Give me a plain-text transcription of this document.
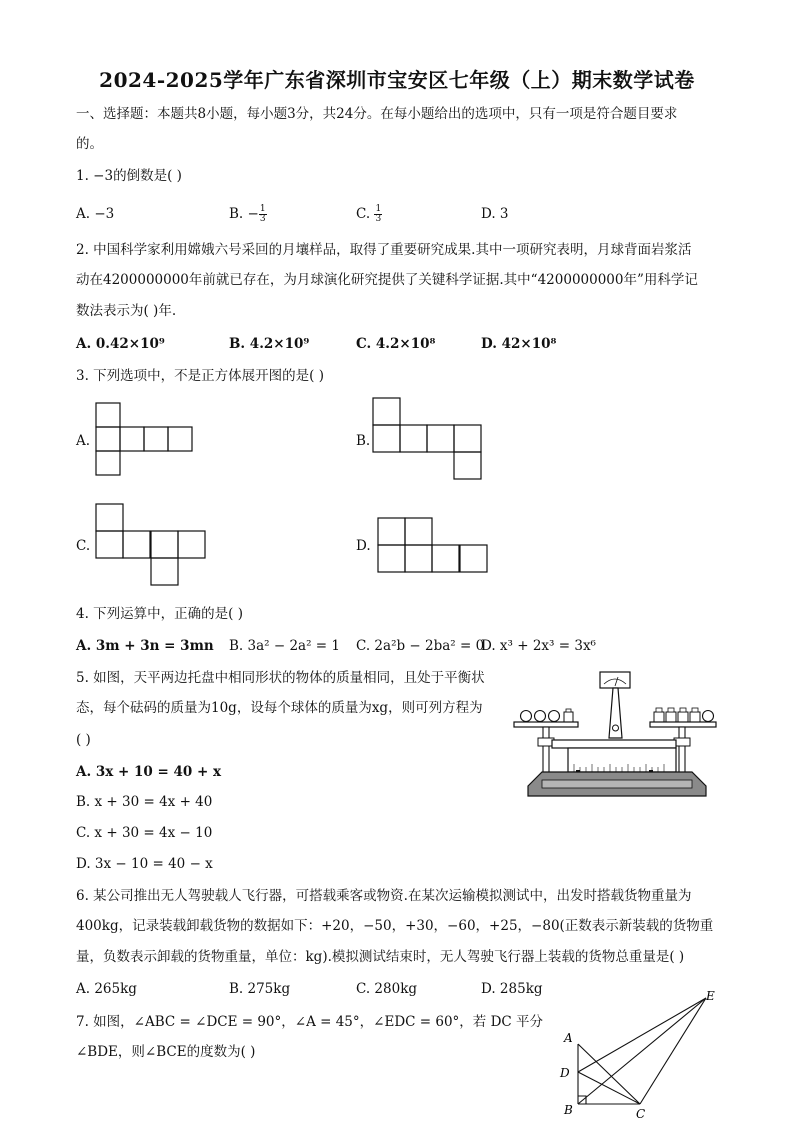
2024-2025学年广东省深圳市宝安区七年级（上）期末数学试卷
一、选择题：本题共8小题，每小题3分，共24分。在每小题给出的选项中，只有一项是符合题目要求
的。
1. −3的倒数是( )
A. −3	B. − $\frac{1}{3}$	C. $\frac{1}{3}$	D. 3
2. 中国科学家利用嫦娥六号采回的月壤样品，取得了重要研究成果.其中一项研究表明，月球背面岩浆活
动在4200000000年前就已存在，为月球演化研究提供了关键科学证据.其中“4200000000年”用科学记
数法表示为( )年.
A. 0.42×10⁹	B. 4.2×10⁹	C. 4.2×10⁸	D. 42×10⁸
3. 下列选项中，不是正方体展开图的是( )
A.	B.
C.	D.
4. 下列运算中，正确的是( )
A. 3m + 3n = 3mn B. 3a² − 2a² = 1 C. 2a²b − 2ba² = 0
D. x³ + 2x³ = 3x⁶
5. 如图，天平两边托盘中相同形状的物体的质量相同，且处于平衡状
态，每个砝码的质量为10g，设每个球体的质量为xg，则可列方程为
( )
A. 3x + 10 = 40 + x
B. x + 30 = 4x + 40
C. x + 30 = 4x − 10
D. 3x − 10 = 40 − x
6. 某公司推出无人驾驶载人飞行器，可搭载乘客或物资.在某次运输模拟测试中，出发时搭载货物重量为
400kg，记录装载卸载货物的数据如下：+20，−50，+30，−60，+25，−80(正数表示新装载的货物重
量，负数表示卸载的货物重量，单位：kg).模拟测试结束时，无人驾驶飞行器上装载的货物总重量是( )
A. 265kg	B. 275kg	C. 280kg	D. 285kg
7. 如图，∠ABC = ∠DCE = 90°，∠A = 45°，∠EDC = 60°，若 DC 平分
∠BDE，则∠BCE的度数为( )
A
B	C
D
E
